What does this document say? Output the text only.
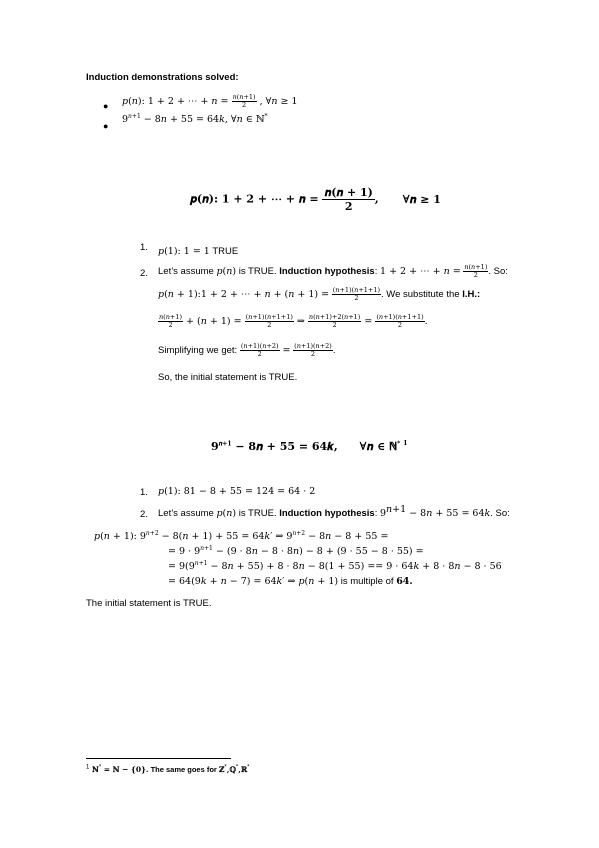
Induction demonstrations solved:
● 𝑝(𝑛): 1 + 2 + ⋯ + 𝑛 = $\frac{\text{𝑛(𝑛+1)}}{2}$ , ∀𝑛 ≥ 1
●
$9^{𝑛+1}$ − 8𝑛 + 55 = 64𝑘, ∀𝑛 ∈ ℕ*
𝒑(𝒏): 𝟏 + 𝟐 + ⋯ + 𝒏 = 𝒏(𝒏 + 𝟏)
𝟐
, ∀𝒏 ≥ 𝟏
1. 𝑝(1): 1 = 1 TRUE
2. Let’s assume 𝑝(𝑛) is TRUE. Induction hypothesis: 1 + 2 + ⋯ + 𝑛 = $\frac{\text{𝑛(𝑛+1)}}{2}$ . So:
𝑝(𝑛 + 1):1 + 2 + ⋯ + 𝑛 + (𝑛 + $1) = \frac{\text{(𝑛+1)(𝑛+1+1)}}{2}$ . We substitute the I.H.:
$\frac{\text{𝑛(𝑛+1)}}{2}$ + (𝑛 + $1) = \frac{\text{(𝑛+1)(𝑛+1+1)}}{2}$ ⇒ $\frac{\text{𝑛(𝑛+1)+2(𝑛+1)}}{2} = \frac{\text{(𝑛+1)(𝑛+1+1)}}{2}$ .
Simplifying we get: $\frac{\text{(𝑛+1)(𝑛+2)}}{2} = \frac{\text{(𝑛+1)(𝑛+2)}}{2}$ .
So, the initial statement is TRUE.
$𝟗^{𝒏+𝟏}$ − 𝟖𝒏 + 𝟓𝟓 = 𝟔𝟒𝒌, ∀𝒏 ∈ ℕ* $^1$
1. 𝑝(1): 81 − 8 + 55 = 124 = 64 · 2
2. Let’s assume 𝑝(𝑛) is TRUE. Induction hypothesis: $9^{𝑛+1}$ − 8𝑛 + 55 = 64𝑘. So:
𝑝(𝑛 + 1): $9^{𝑛+2}$ − 8(𝑛 + 1) + 55 = 64𝑘′ ⇒ $9^{𝑛+2}$ − 8𝑛 − 8 + 55 =
= $9 \cdot 9^{𝑛+1} - (9$ · 8𝑛 − 8 · 8𝑛) − 8 + (9 · 55 − 8 · 55) =
= $9(9^{𝑛+1}$ − 8𝑛 + 55) + 8 · 8𝑛 − 8(1 + 55) == 9 · 64𝑘 + 8 · 8𝑛 − 8 · 56
= 64(9𝑘 + 𝑛 − 7) = 64𝑘′ ⇒ 𝑝(𝑛 + 1) is multiple of 64.
The initial statement is TRUE.
$^1$ ℕ* = ℕ − {0}. The same goes for ℤ*,ℚ*,ℝ*
